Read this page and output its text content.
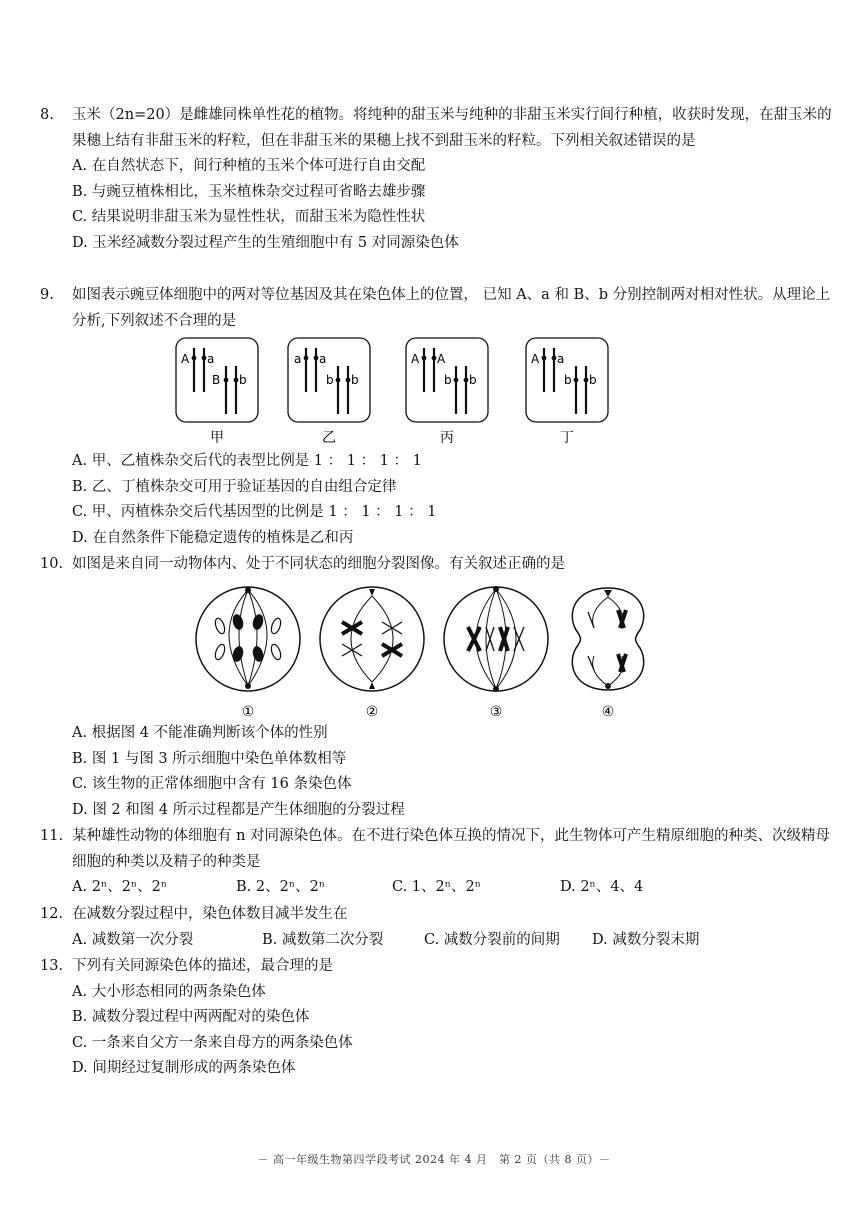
8.	玉米（2n=20）是雌雄同株单性花的植物。将纯种的甜玉米与纯种的非甜玉米实行间行种植，收获时发现，在甜玉米的果穗上结有非甜玉米的籽粒，但在非甜玉米的果穗上找不到甜玉米的籽粒。下列相关叙述错误的是
A. 在自然状态下，间行种植的玉米个体可进行自由交配
B. 与豌豆植株相比，玉米植株杂交过程可省略去雄步骤
C. 结果说明非甜玉米为显性性状，而甜玉米为隐性性状
D. 玉米经减数分裂过程产生的生殖细胞中有 5 对同源染色体
9.	如图表示豌豆体细胞中的两对等位基因及其在染色体上的位置， 已知 A、a 和 B、b 分别控制两对相对性状。从理论上分析,下列叙述不合理的是
A a
B b
甲
a a
b b
乙
A A
b b
丙
A a
b b
丁
A. 甲、乙植株杂交后代的表型比例是 1 ： 1 ： 1 ： 1
B. 乙、丁植株杂交可用于验证基因的自由组合定律
C. 甲、丙植株杂交后代基因型的比例是 1 ： 1 ： 1 ： 1
D. 在自然条件下能稳定遗传的植株是乙和丙
10. 如图是来自同一动物体内、处于不同状态的细胞分裂图像。有关叙述正确的是
①	②	③	④
A. 根据图 4 不能准确判断该个体的性别
B. 图 1 与图 3 所示细胞中染色单体数相等
C. 该生物的正常体细胞中含有 16 条染色体
D. 图 2 和图 4 所示过程都是产生体细胞的分裂过程
11. 某种雄性动物的体细胞有 n 对同源染色体。在不进行染色体互换的情况下，此生物体可产生精原细胞的种类、次级精母细胞的种类以及精子的种类是
A. 2ⁿ、2ⁿ、2ⁿ	B. 2、2ⁿ、2ⁿ	C. 1、2ⁿ、2ⁿ	D. 2ⁿ、4、4
12. 在减数分裂过程中，染色体数目减半发生在
A. 减数第一次分裂	B. 减数第二次分裂	C. 减数分裂前的间期	D. 减数分裂末期
13. 下列有关同源染色体的描述，最合理的是
A. 大小形态相同的两条染色体
B. 减数分裂过程中两两配对的染色体
C. 一条来自父方一条来自母方的两条染色体
D. 间期经过复制形成的两条染色体
－ 高一年级生物第四学段考试 2024 年 4 月　第 2 页（共 8 页）－
